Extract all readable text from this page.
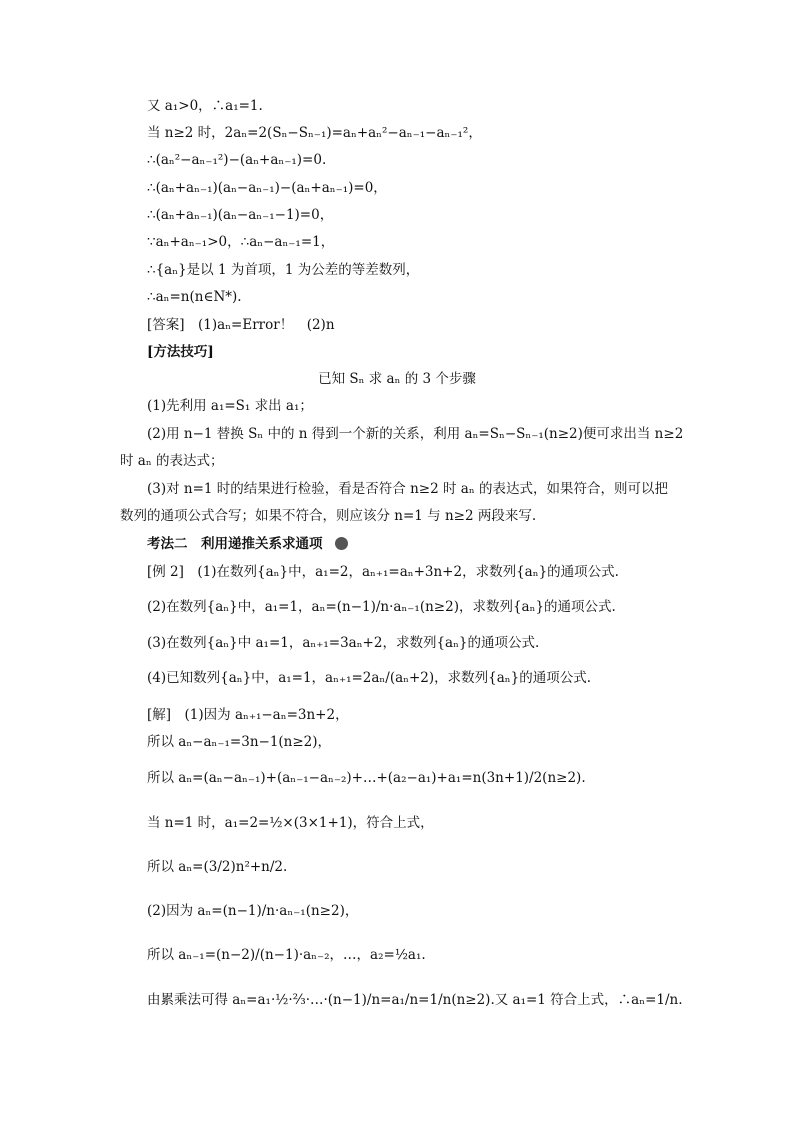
又 a₁>0，∴a₁=1.
当 n≥2 时，2aₙ=2(Sₙ−Sₙ₋₁)=aₙ+aₙ²−aₙ₋₁−aₙ₋₁²，
∴(aₙ²−aₙ₋₁²)−(aₙ+aₙ₋₁)=0.
∴(aₙ+aₙ₋₁)(aₙ−aₙ₋₁)−(aₙ+aₙ₋₁)=0，
∴(aₙ+aₙ₋₁)(aₙ−aₙ₋₁−1)=0，
∵aₙ+aₙ₋₁>0，∴aₙ−aₙ₋₁=1，
∴{aₙ}是以 1 为首项，1 为公差的等差数列，
∴aₙ=n(n∈N*).
[答案]　(1)aₙ=Error！　(2)n
[方法技巧]
已知 Sₙ 求 aₙ 的 3 个步骤
(1)先利用 a₁=S₁ 求出 a₁；
(2)用 n−1 替换 Sₙ 中的 n 得到一个新的关系，利用 aₙ=Sₙ−Sₙ₋₁(n≥2)便可求出当 n≥2
时 aₙ 的表达式；
(3)对 n=1 时的结果进行检验，看是否符合 n≥2 时 aₙ 的表达式，如果符合，则可以把
数列的通项公式合写；如果不符合，则应该分 n=1 与 n≥2 两段来写.
考法二　利用递推关系求通项
[例 2]　(1)在数列{aₙ}中，a₁=2，aₙ₊₁=aₙ+3n+2，求数列{aₙ}的通项公式.
(2)在数列{aₙ}中，a₁=1，aₙ=(n−1)/n·aₙ₋₁(n≥2)，求数列{aₙ}的通项公式.
(3)在数列{aₙ}中 a₁=1，aₙ₊₁=3aₙ+2，求数列{aₙ}的通项公式.
(4)已知数列{aₙ}中，a₁=1，aₙ₊₁=2aₙ/(aₙ+2)，求数列{aₙ}的通项公式.
[解]　(1)因为 aₙ₊₁−aₙ=3n+2，
所以 aₙ−aₙ₋₁=3n−1(n≥2)，
所以 aₙ=(aₙ−aₙ₋₁)+(aₙ₋₁−aₙ₋₂)+…+(a₂−a₁)+a₁=n(3n+1)/2(n≥2).
当 n=1 时，a₁=2=½×(3×1+1)，符合上式，
所以 aₙ=(3/2)n²+n/2.
(2)因为 aₙ=(n−1)/n·aₙ₋₁(n≥2)，
所以 aₙ₋₁=(n−2)/(n−1)·aₙ₋₂，…，a₂=½a₁.
由累乘法可得 aₙ=a₁·½·⅔·…·(n−1)/n=a₁/n=1/n(n≥2).又 a₁=1 符合上式，∴aₙ=1/n.
